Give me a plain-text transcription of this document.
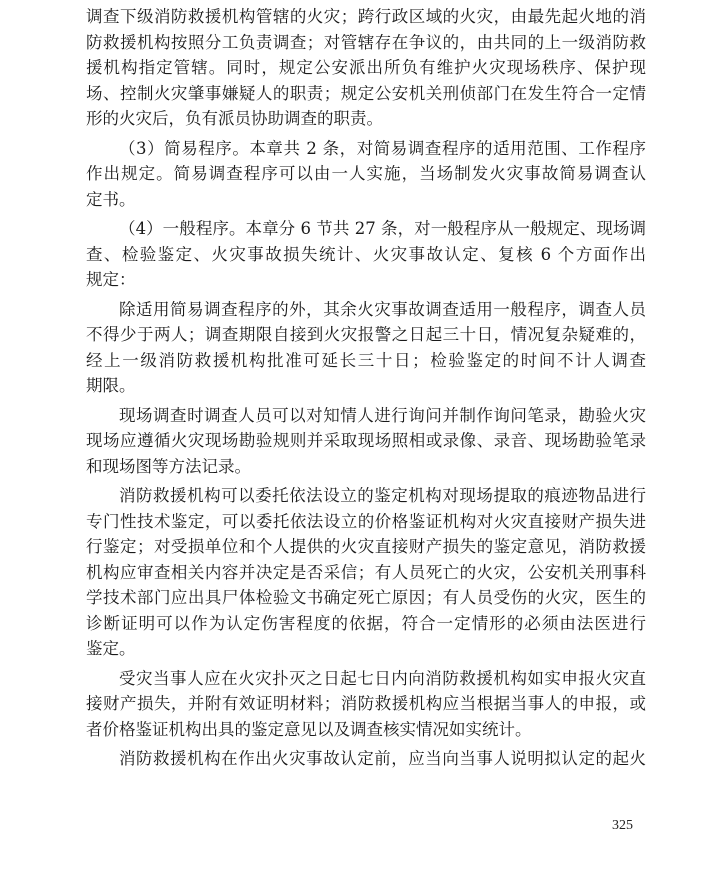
调查下级消防救援机构管辖的火灾；跨行政区域的火灾，由最先起火地的消
防救援机构按照分工负责调查；对管辖存在争议的，由共同的上一级消防救
援机构指定管辖。同时，规定公安派出所负有维护火灾现场秩序、保护现
场、控制火灾肇事嫌疑人的职责；规定公安机关刑侦部门在发生符合一定情
形的火灾后，负有派员协助调查的职责。
（3）简易程序。本章共 2 条，对简易调查程序的适用范围、工作程序
作出规定。简易调查程序可以由一人实施，当场制发火灾事故简易调查认
定书。
（4）一般程序。本章分 6 节共 27 条，对一般程序从一般规定、现场调
查、检验鉴定、火灾事故损失统计、火灾事故认定、复核 6 个方面作出
规定：
除适用简易调查程序的外，其余火灾事故调查适用一般程序，调查人员
不得少于两人；调查期限自接到火灾报警之日起三十日，情况复杂疑难的，
经上一级消防救援机构批准可延长三十日；检验鉴定的时间不计人调查
期限。
现场调查时调查人员可以对知情人进行询问并制作询问笔录，勘验火灾
现场应遵循火灾现场勘验规则并采取现场照相或录像、录音、现场勘验笔录
和现场图等方法记录。
消防救援机构可以委托依法设立的鉴定机构对现场提取的痕迹物品进行
专门性技术鉴定，可以委托依法设立的价格鉴证机构对火灾直接财产损失进
行鉴定；对受损单位和个人提供的火灾直接财产损失的鉴定意见，消防救援
机构应审查相关内容并决定是否采信；有人员死亡的火灾，公安机关刑事科
学技术部门应出具尸体检验文书确定死亡原因；有人员受伤的火灾，医生的
诊断证明可以作为认定伤害程度的依据，符合一定情形的必须由法医进行
鉴定。
受灾当事人应在火灾扑灭之日起七日内向消防救援机构如实申报火灾直
接财产损失，并附有效证明材料；消防救援机构应当根据当事人的申报，或
者价格鉴证机构出具的鉴定意见以及调查核实情况如实统计。
消防救援机构在作出火灾事故认定前，应当向当事人说明拟认定的起火
325
